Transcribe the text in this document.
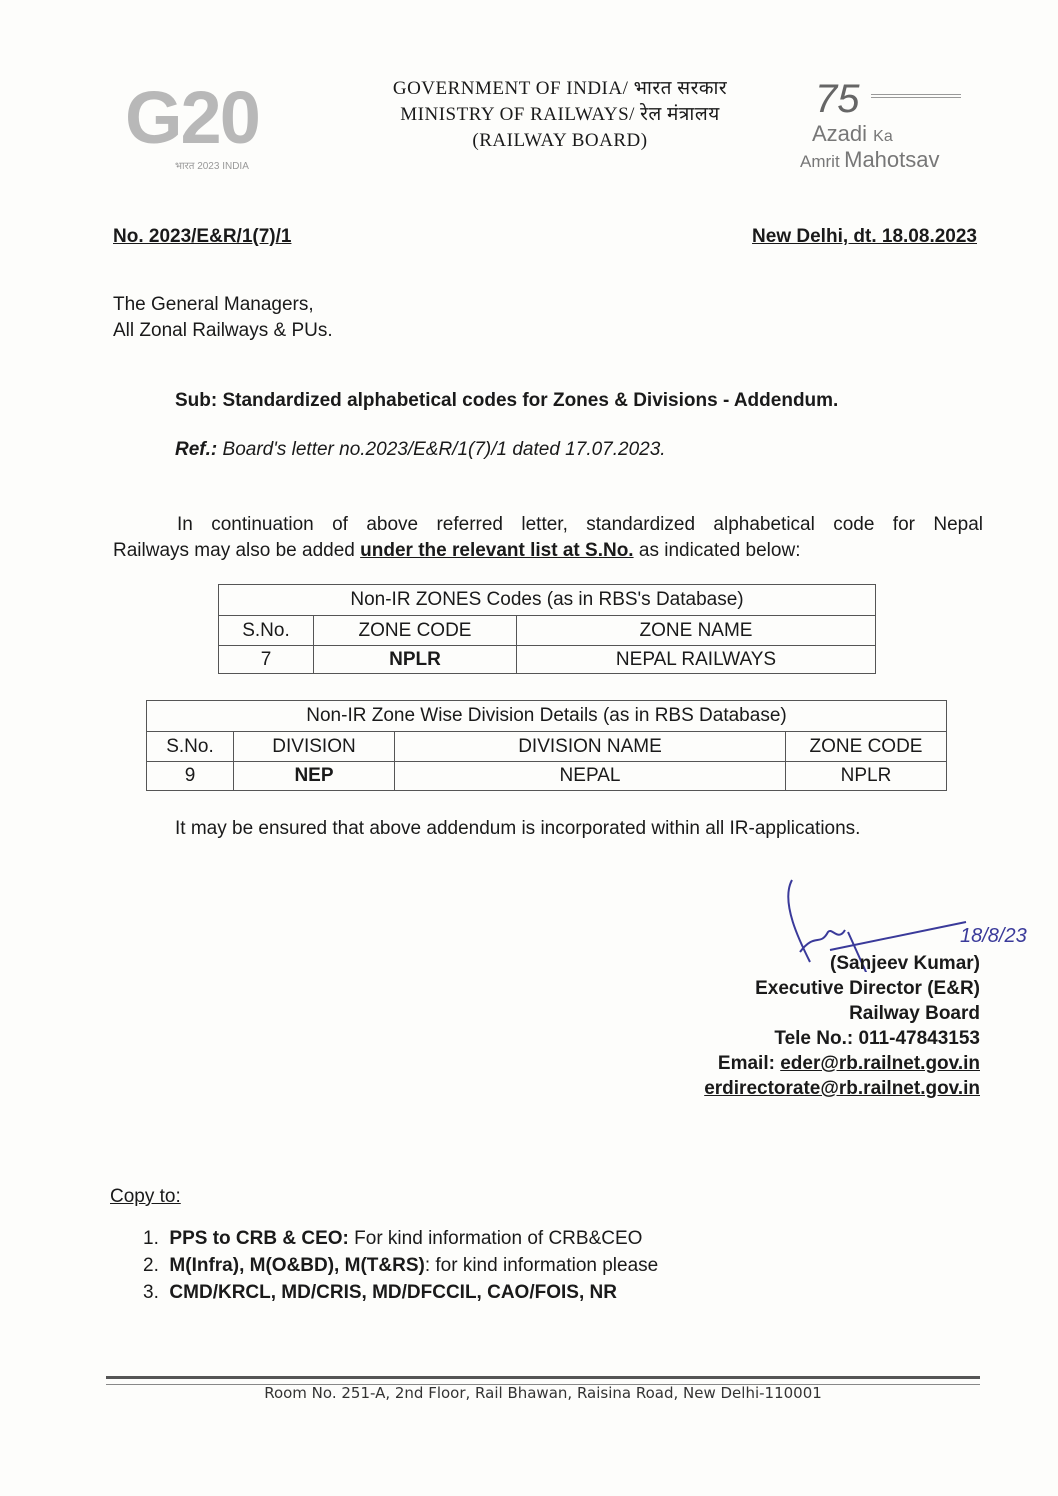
G20
भारत 2023 INDIA
GOVERNMENT OF INDIA/ भारत सरकार
MINISTRY OF RAILWAYS/ रेल मंत्रालय
(RAILWAY BOARD)
75
Azadi Ka
Amrit Mahotsav
No. 2023/E&R/1(7)/1	New Delhi, dt. 18.08.2023
The General Managers,
All Zonal Railways & PUs.
Sub: Standardized alphabetical codes for Zones & Divisions - Addendum.
Ref.: Board's letter no.2023/E&R/1(7)/1 dated 17.07.2023.
In continuation of above referred letter, standardized alphabetical code for Nepal
Railways may also be added under the relevant list at S.No. as indicated below:
Non-IR ZONES Codes (as in RBS's Database)		
S.No.	ZONE CODE	ZONE NAME
7	NPLR	NEPAL RAILWAYS
Non-IR Zone Wise Division Details (as in RBS Database)			
S.No.	DIVISION	DIVISION NAME	ZONE CODE
9	NEP	NEPAL	NPLR
It may be ensured that above addendum is incorporated within all IR-applications.
18/8/23
(Sanjeev Kumar)
Executive Director (E&R)
Railway Board
Tele No.: 011-47843153
Email: eder@rb.railnet.gov.in
erdirectorate@rb.railnet.gov.in
Copy to:
1. PPS to CRB & CEO: For kind information of CRB&CEO
2. M(Infra), M(O&BD), M(T&RS): for kind information please
3. CMD/KRCL, MD/CRIS, MD/DFCCIL, CAO/FOIS, NR
Room No. 251-A, 2nd Floor, Rail Bhawan, Raisina Road, New Delhi-110001
